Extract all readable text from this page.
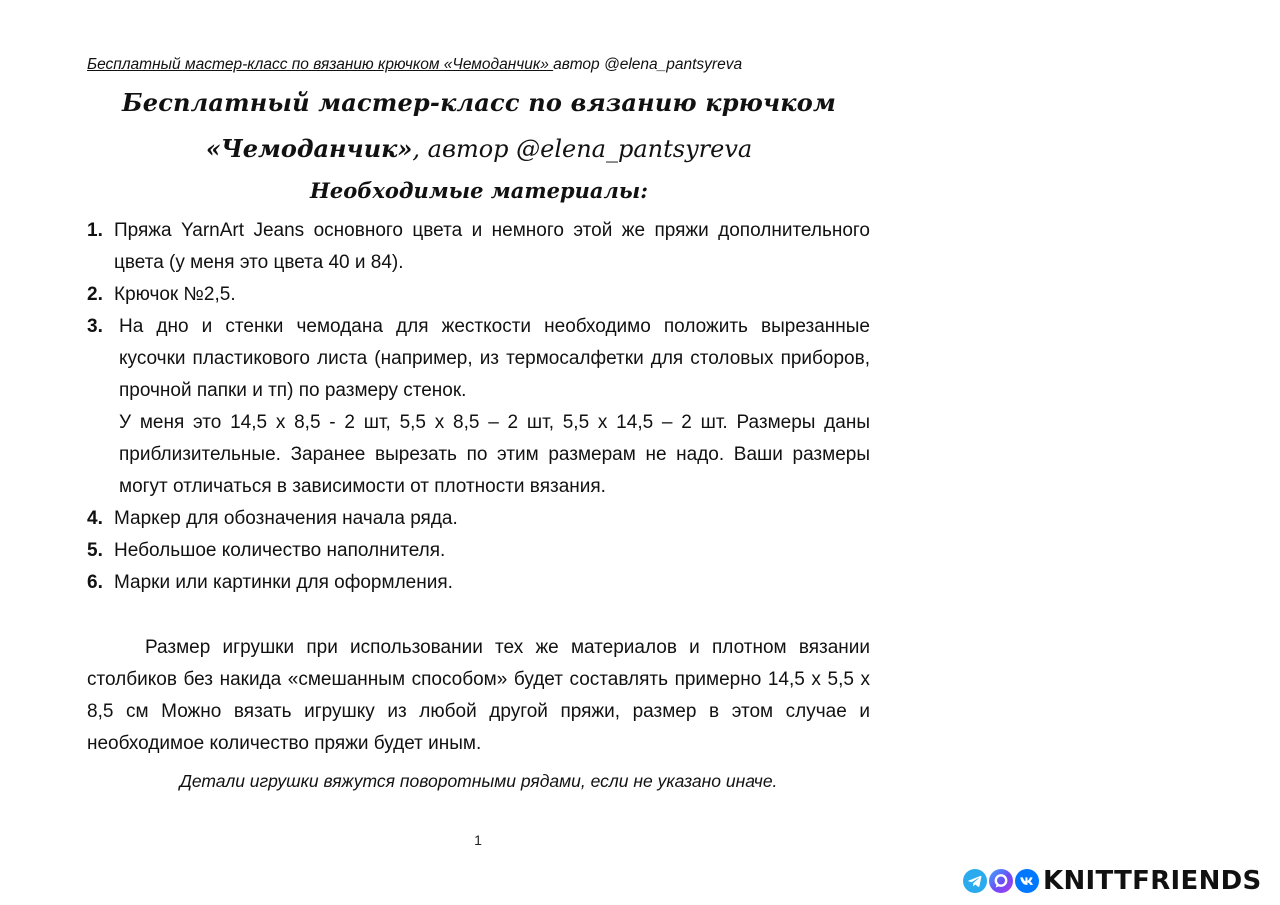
Бесплатный мастер-класс по вязанию крючком «Чемоданчик» автор @elena_pantsyreva
Бесплатный мастер-класс по вязанию крючком
«Чемоданчик», автор @elena_pantsyreva
Необходимые материалы:
1. Пряжа YarnArt Jeans основного цвета и немного этой же пряжи дополнительного цвета (у меня это цвета 40 и 84).
2. Крючок №2,5.
3. На дно и стенки чемодана для жесткости необходимо положить вырезанные кусочки пластикового листа (например, из термосалфетки для столовых приборов, прочной папки и тп) по размеру стенок.

У меня это 14,5 х 8,5 - 2 шт, 5,5 х 8,5 – 2 шт, 5,5 х 14,5 – 2 шт. Размеры даны приблизительные. Заранее вырезать по этим размерам не надо. Ваши размеры могут отличаться в зависимости от плотности вязания.

4. Маркер для обозначения начала ряда.
5. Небольшое количество наполнителя.
6. Марки или картинки для оформления.

Размер игрушки при использовании тех же материалов и плотном вязании столбиков без накида «смешанным способом» будет составлять примерно 14,5 х 5,5 х 8,5 см Можно вязать игрушку из любой другой пряжи, размер в этом случае и необходимое количество пряжи будет иным.

Детали игрушки вяжутся поворотными рядами, если не указано иначе.

1
KNITTFRIENDS
